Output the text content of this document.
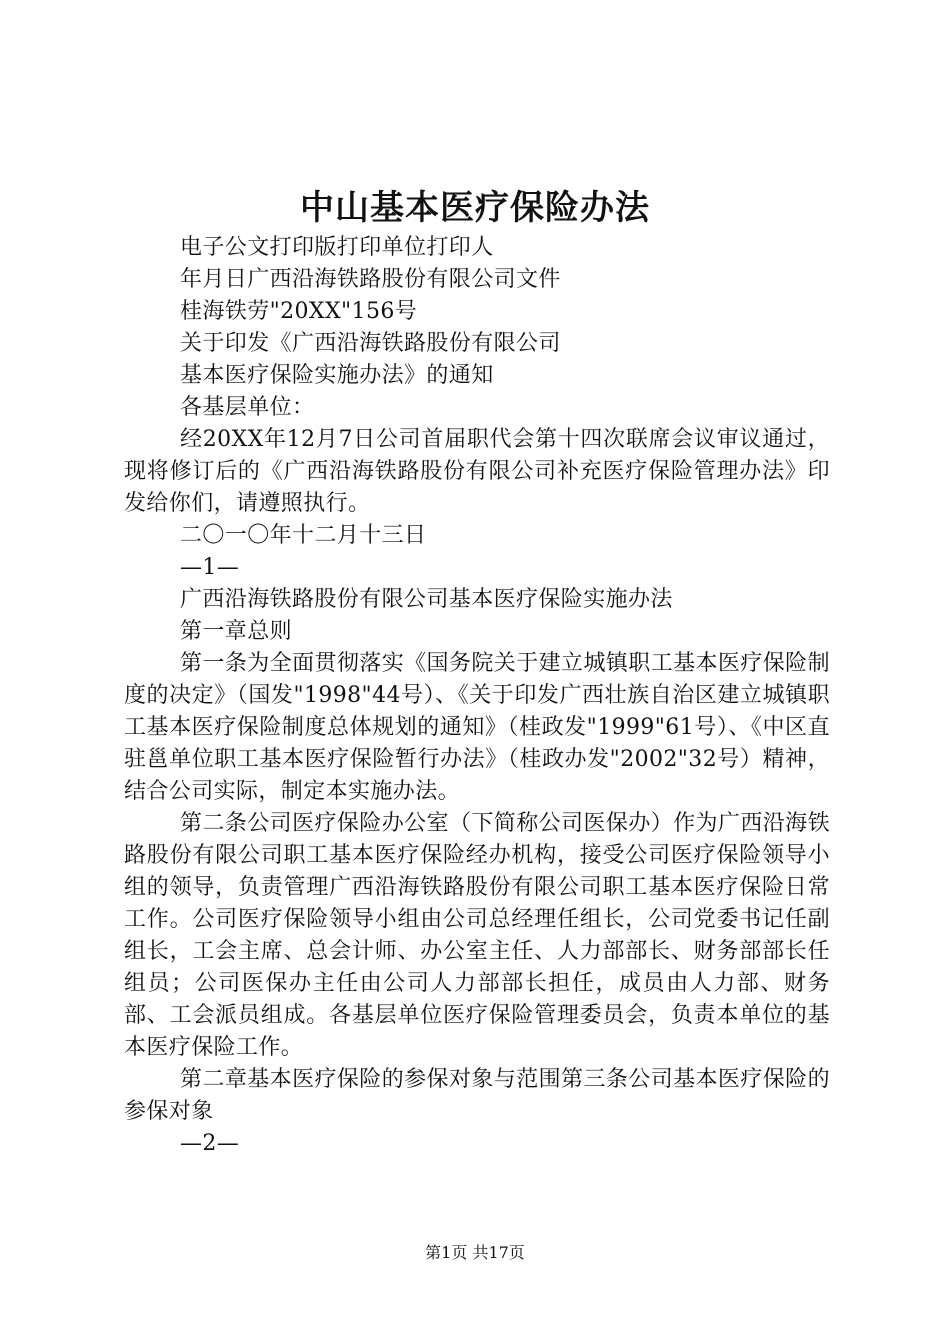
中山基本医疗保险办法

电子公文打印版打印单位打印人

年月日广西沿海铁路股份有限公司文件

桂海铁劳"20XX"156号

关于印发《广西沿海铁路股份有限公司

基本医疗保险实施办法》的通知

各基层单位：

经20XX年12月7日公司首届职代会第十四次联席会议审议通过，现将修订后的《广西沿海铁路股份有限公司补充医疗保险管理办法》印发给你们，请遵照执行。

二〇一〇年十二月十三日

—1—

广西沿海铁路股份有限公司基本医疗保险实施办法

第一章总则

第一条为全面贯彻落实《国务院关于建立城镇职工基本医疗保险制度的决定》（国发"1998"44号）、《关于印发广西壮族自治区建立城镇职工基本医疗保险制度总体规划的通知》（桂政发"1999"61号）、《中区直驻邕单位职工基本医疗保险暂行办法》（桂政办发"2002"32号）精神，结合公司实际，制定本实施办法。

第二条公司医疗保险办公室（下简称公司医保办）作为广西沿海铁路股份有限公司职工基本医疗保险经办机构，接受公司医疗保险领导小组的领导，负责管理广西沿海铁路股份有限公司职工基本医疗保险日常工作。公司医疗保险领导小组由公司总经理任组长，公司党委书记任副组长，工会主席、总会计师、办公室主任、人力部部长、财务部部长任组员；公司医保办主任由公司人力部部长担任，成员由人力部、财务部、工会派员组成。各基层单位医疗保险管理委员会，负责本单位的基本医疗保险工作。

第二章基本医疗保险的参保对象与范围第三条公司基本医疗保险的参保对象

—2—

第1页 共17页
